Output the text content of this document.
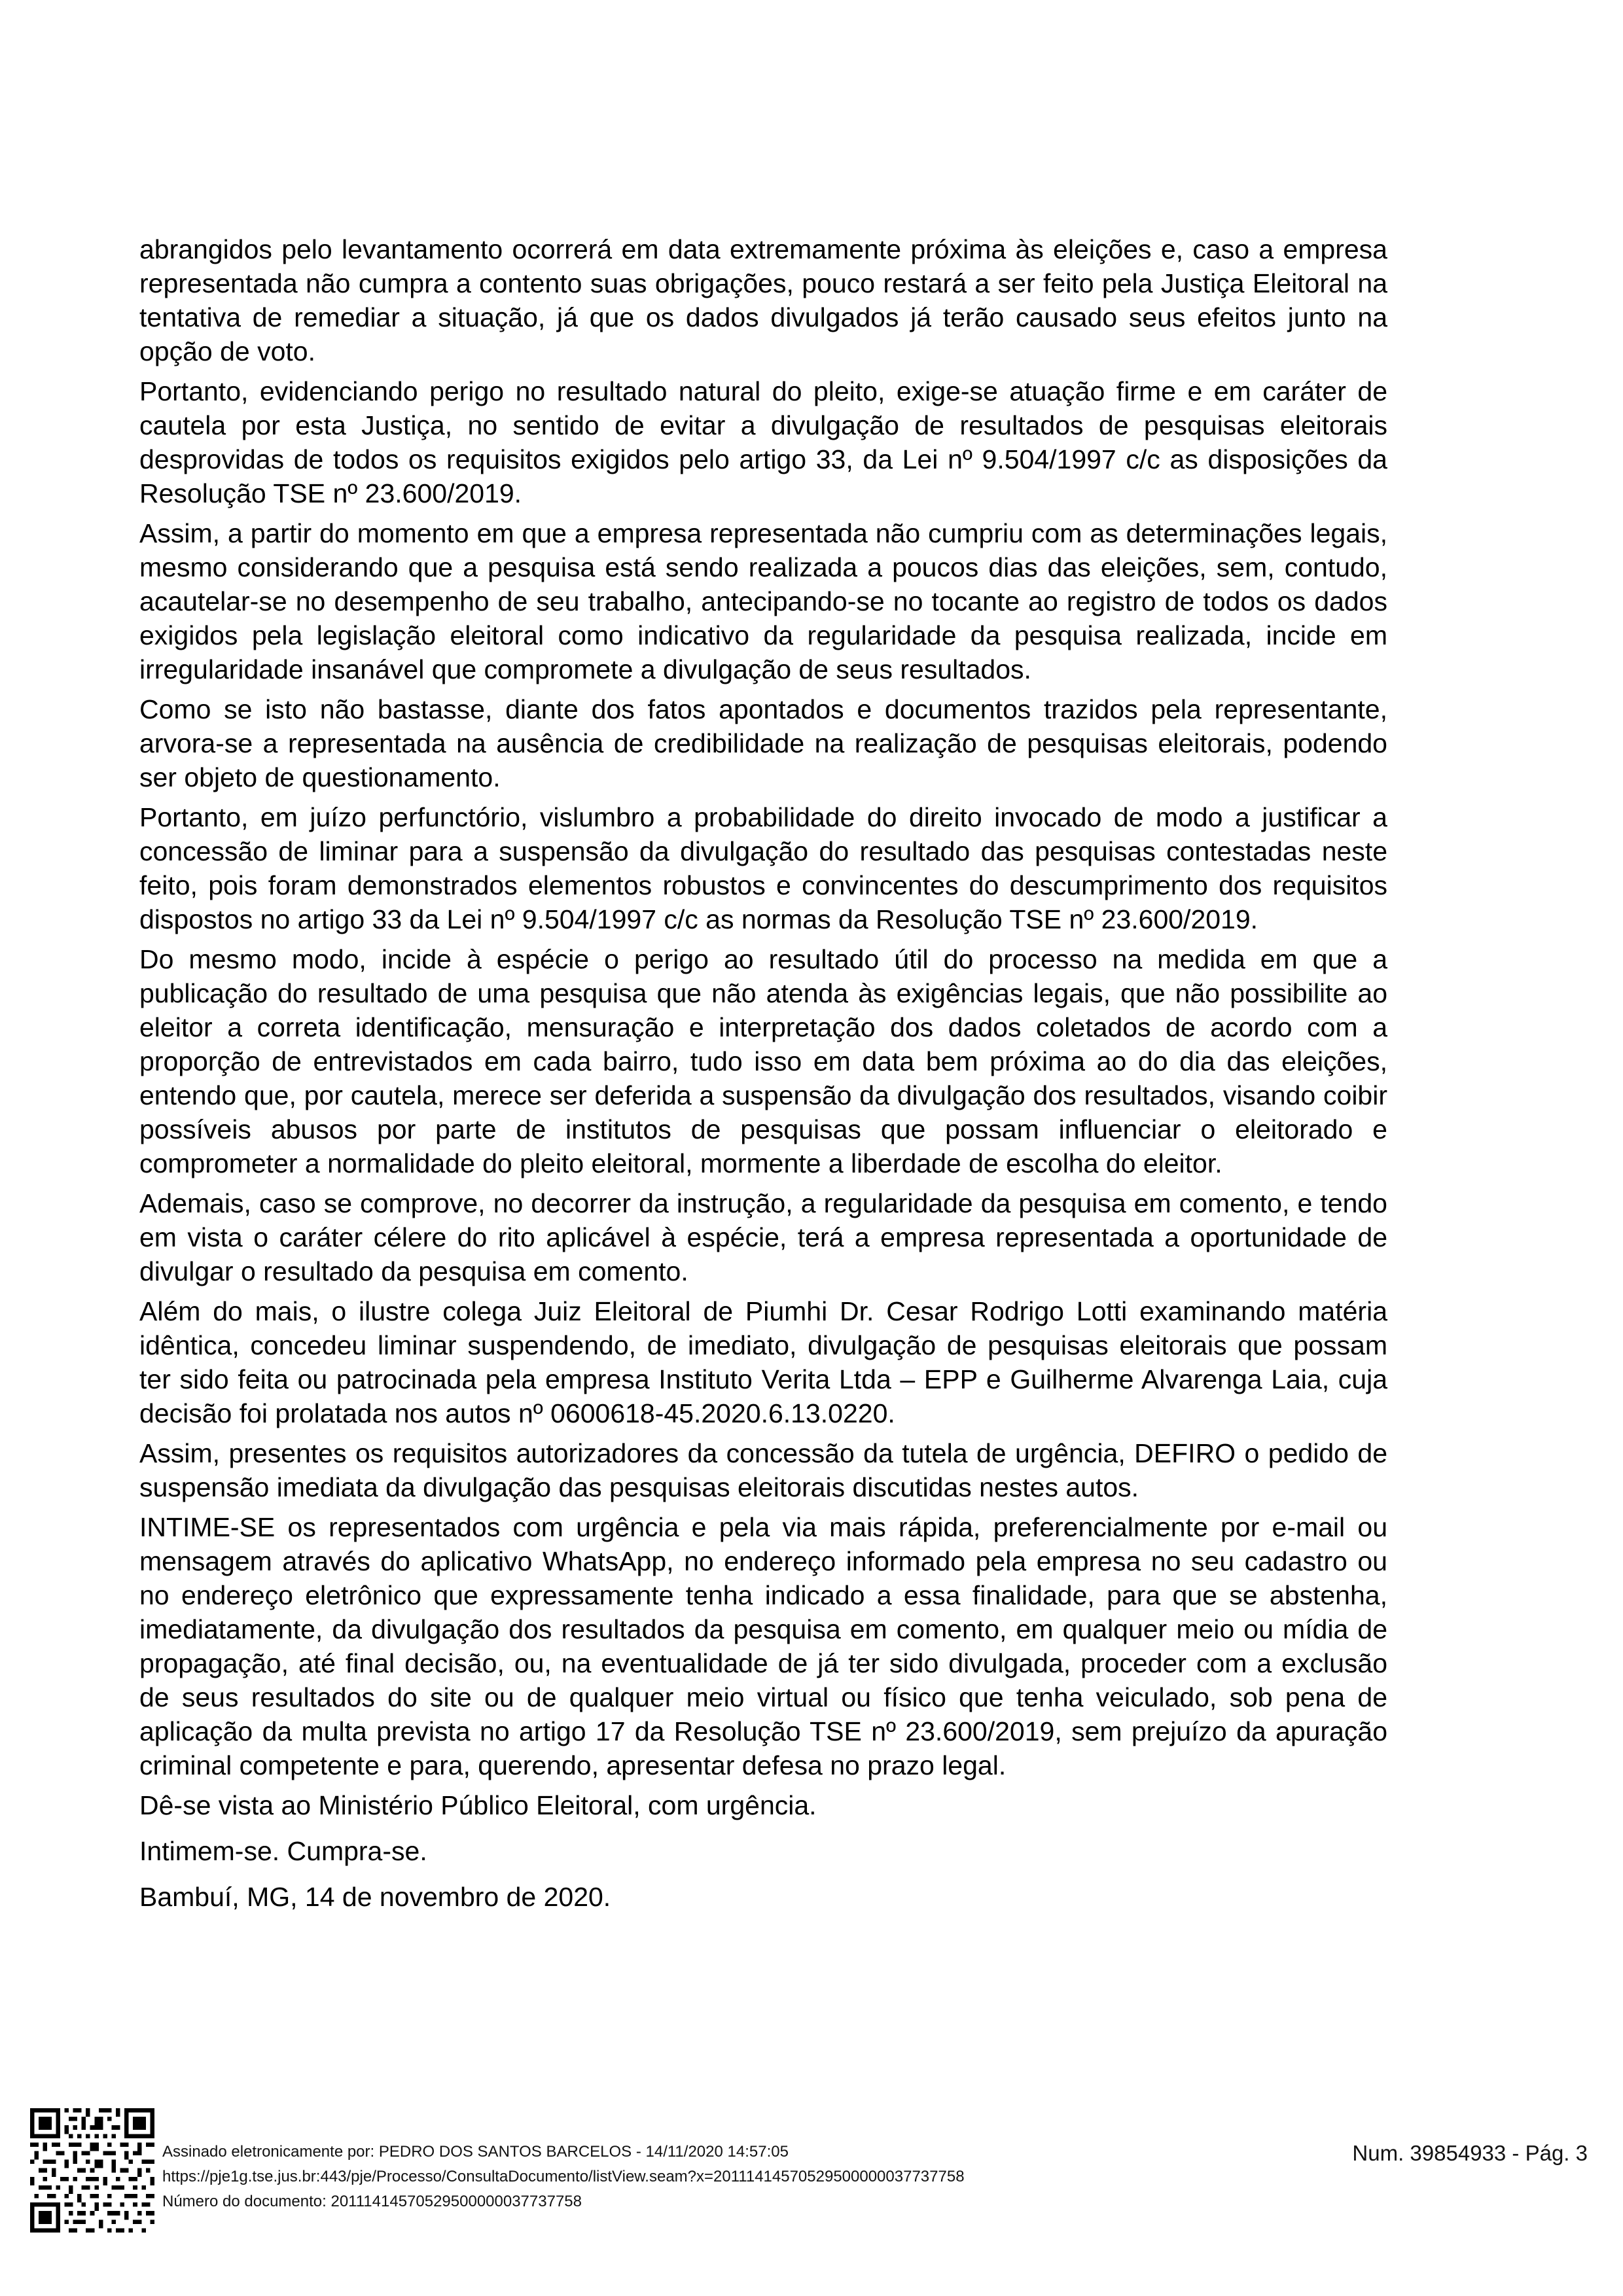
abrangidos pelo levantamento ocorrerá em data extremamente próxima às eleições e, caso a empresa representada não cumpra a contento suas obrigações, pouco restará a ser feito pela Justiça Eleitoral na tentativa de remediar a situação, já que os dados divulgados já terão causado seus efeitos junto na opção de voto.

Portanto, evidenciando perigo no resultado natural do pleito, exige-se atuação firme e em caráter de cautela por esta Justiça, no sentido de evitar a divulgação de resultados de pesquisas eleitorais desprovidas de todos os requisitos exigidos pelo artigo 33, da Lei nº 9.504/1997 c/c as disposições da Resolução TSE nº 23.600/2019.

Assim, a partir do momento em que a empresa representada não cumpriu com as determinações legais, mesmo considerando que a pesquisa está sendo realizada a poucos dias das eleições, sem, contudo, acautelar-se no desempenho de seu trabalho, antecipando-se no tocante ao registro de todos os dados exigidos pela legislação eleitoral como indicativo da regularidade da pesquisa realizada, incide em irregularidade insanável que compromete a divulgação de seus resultados.

Como se isto não bastasse, diante dos fatos apontados e documentos trazidos pela representante, arvora-se a representada na ausência de credibilidade na realização de pesquisas eleitorais, podendo ser objeto de questionamento.

Portanto, em juízo perfunctório, vislumbro a probabilidade do direito invocado de modo a justificar a concessão de liminar para a suspensão da divulgação do resultado das pesquisas contestadas neste feito, pois foram demonstrados elementos robustos e convincentes do descumprimento dos requisitos dispostos no artigo 33 da Lei nº 9.504/1997 c/c as normas da Resolução TSE nº 23.600/2019.

Do mesmo modo, incide à espécie o perigo ao resultado útil do processo na medida em que a publicação do resultado de uma pesquisa que não atenda às exigências legais, que não possibilite ao eleitor a correta identificação, mensuração e interpretação dos dados coletados de acordo com a proporção de entrevistados em cada bairro, tudo isso em data bem próxima ao do dia das eleições, entendo que, por cautela, merece ser deferida a suspensão da divulgação dos resultados, visando coibir possíveis abusos por parte de institutos de pesquisas que possam influenciar o eleitorado e comprometer a normalidade do pleito eleitoral, mormente a liberdade de escolha do eleitor.

Ademais, caso se comprove, no decorrer da instrução, a regularidade da pesquisa em comento, e tendo em vista o caráter célere do rito aplicável à espécie, terá a empresa representada a oportunidade de divulgar o resultado da pesquisa em comento.

Além do mais, o ilustre colega Juiz Eleitoral de Piumhi Dr. Cesar Rodrigo Lotti examinando matéria idêntica, concedeu liminar suspendendo, de imediato, divulgação de pesquisas eleitorais que possam ter sido feita ou patrocinada pela empresa Instituto Verita Ltda – EPP e Guilherme Alvarenga Laia, cuja decisão foi prolatada nos autos nº 0600618-45.2020.6.13.0220.

Assim, presentes os requisitos autorizadores da concessão da tutela de urgência, DEFIRO o pedido de suspensão imediata da divulgação das pesquisas eleitorais discutidas nestes autos.

INTIME-SE os representados com urgência e pela via mais rápida, preferencialmente por e-mail ou mensagem através do aplicativo WhatsApp, no endereço informado pela empresa no seu cadastro ou no endereço eletrônico que expressamente tenha indicado a essa finalidade, para que se abstenha, imediatamente, da divulgação dos resultados da pesquisa em comento, em qualquer meio ou mídia de propagação, até final decisão, ou, na eventualidade de já ter sido divulgada, proceder com a exclusão de seus resultados do site ou de qualquer meio virtual ou físico que tenha veiculado, sob pena de aplicação da multa prevista no artigo 17 da Resolução TSE nº 23.600/2019, sem prejuízo da apuração criminal competente e para, querendo, apresentar defesa no prazo legal.

Dê-se vista ao Ministério Público Eleitoral, com urgência.

Intimem-se. Cumpra-se.

Bambuí, MG, 14 de novembro de 2020.

Assinado eletronicamente por: PEDRO DOS SANTOS BARCELOS - 14/11/2020 14:57:05
https://pje1g.tse.jus.br:443/pje/Processo/ConsultaDocumento/listView.seam?x=20111414570529500000037737758
Número do documento: 20111414570529500000037737758
Num. 39854933 - Pág. 3
